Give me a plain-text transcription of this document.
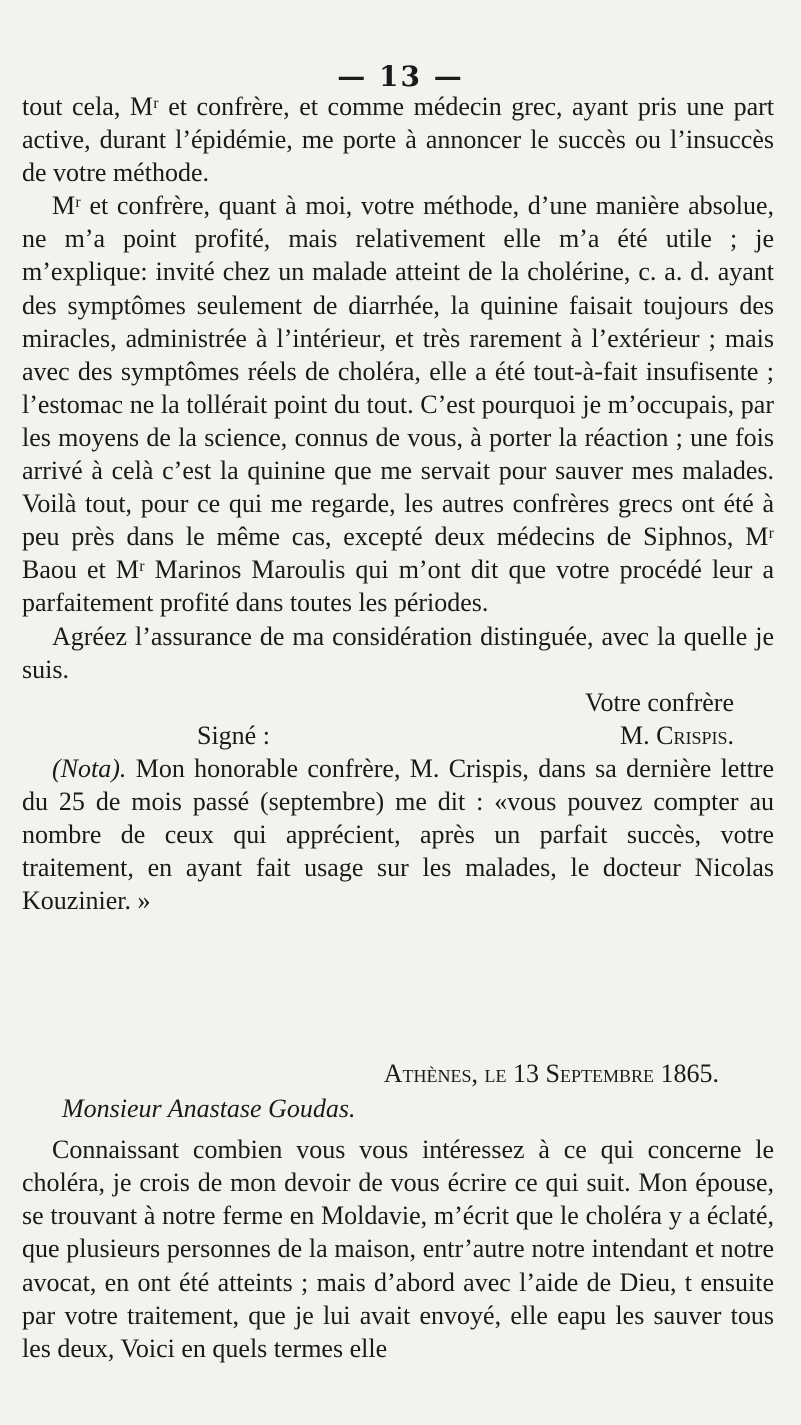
— 13 —

tout cela, Mʳ et confrère, et comme médecin grec, ayant pris une part active, durant l’épidémie, me porte à annoncer le succès ou l’insuccès de votre méthode.

Mʳ et confrère, quant à moi, votre méthode, d’une manière absolue, ne m’a point profité, mais relativement elle m’a été utile ; je m’explique: invité chez un malade atteint de la cholérine, c. a. d. ayant des symptômes seulement de diarrhée, la quinine faisait toujours des miracles, administrée à l’intérieur, et très rarement à l’extérieur ; mais avec des symptômes réels de choléra, elle a été tout-à-fait insufisente ; l’estomac ne la tollérait point du tout. C’est pourquoi je m’occupais, par les moyens de la science, connus de vous, à porter la réaction ; une fois arrivé à celà c’est la quinine que me servait pour sauver mes malades. Voilà tout, pour ce qui me regarde, les autres confrères grecs ont été à peu près dans le même cas, excepté deux médecins de Siphnos, Mʳ Baou et Mʳ Marinos Maroulis qui m’ont dit que votre procédé leur a parfaitement profité dans toutes les périodes.

Agréez l’assurance de ma considération distinguée, avec la quelle je suis.

Votre confrère

Signé :	M. Crispis.

(Nota). Mon honorable confrère, M. Crispis, dans sa dernière lettre du 25 de mois passé (septembre) me dit : «vous pouvez compter au nombre de ceux qui apprécient, après un parfait succès, votre traitement, en ayant fait usage sur les malades, le docteur Nicolas Kouzinier. »

Athènes, le 13 Septembre 1865.

Monsieur Anastase Goudas.

Connaissant combien vous vous intéressez à ce qui concerne le choléra, je crois de mon devoir de vous écrire ce qui suit. Mon épouse, se trouvant à notre ferme en Moldavie, m’écrit que le choléra y a éclaté, que plusieurs personnes de la maison, entr’autre notre intendant et notre avocat, en ont été atteints ; mais d’abord avec l’aide de Dieu, t ensuite par votre traitement, que je lui avait envoyé, elle eapu les sauver tous les deux, Voici en quels termes elle
